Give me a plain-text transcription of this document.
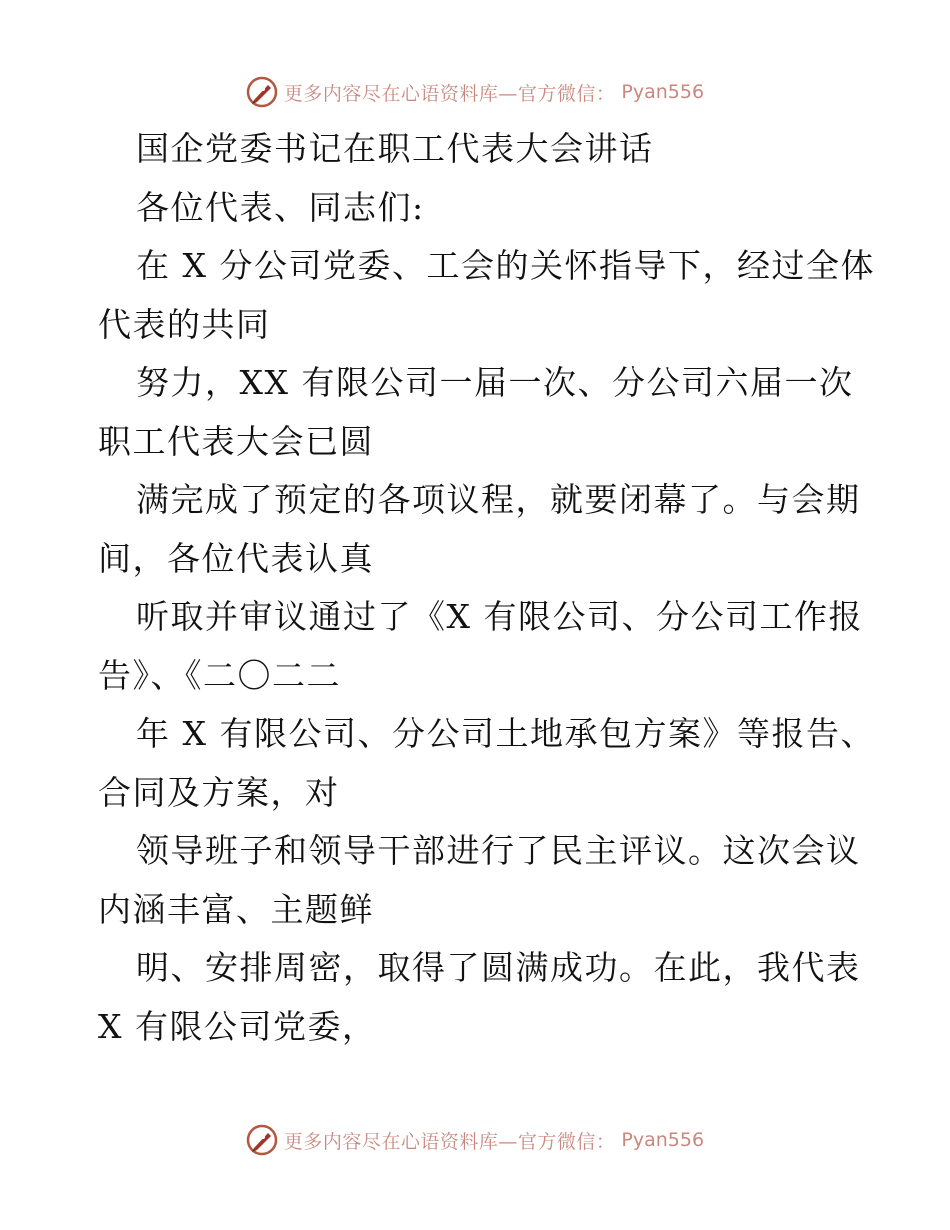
更多内容尽在心语资料库—官方微信： Pyan556
国企党委书记在职工代表大会讲话
各位代表、同志们:
在 X 分公司党委、工会的关怀指导下，经过全体
代表的共同
努力，XX 有限公司一届一次、分公司六届一次
职工代表大会已圆
满完成了预定的各项议程，就要闭幕了。与会期
间，各位代表认真
听取并审议通过了《X 有限公司、分公司工作报
告》、《二〇二二
年 X 有限公司、分公司土地承包方案》等报告、
合同及方案，对
领导班子和领导干部进行了民主评议。这次会议
内涵丰富、主题鲜
明、安排周密，取得了圆满成功。在此，我代表
X 有限公司党委，
更多内容尽在心语资料库—官方微信： Pyan556
